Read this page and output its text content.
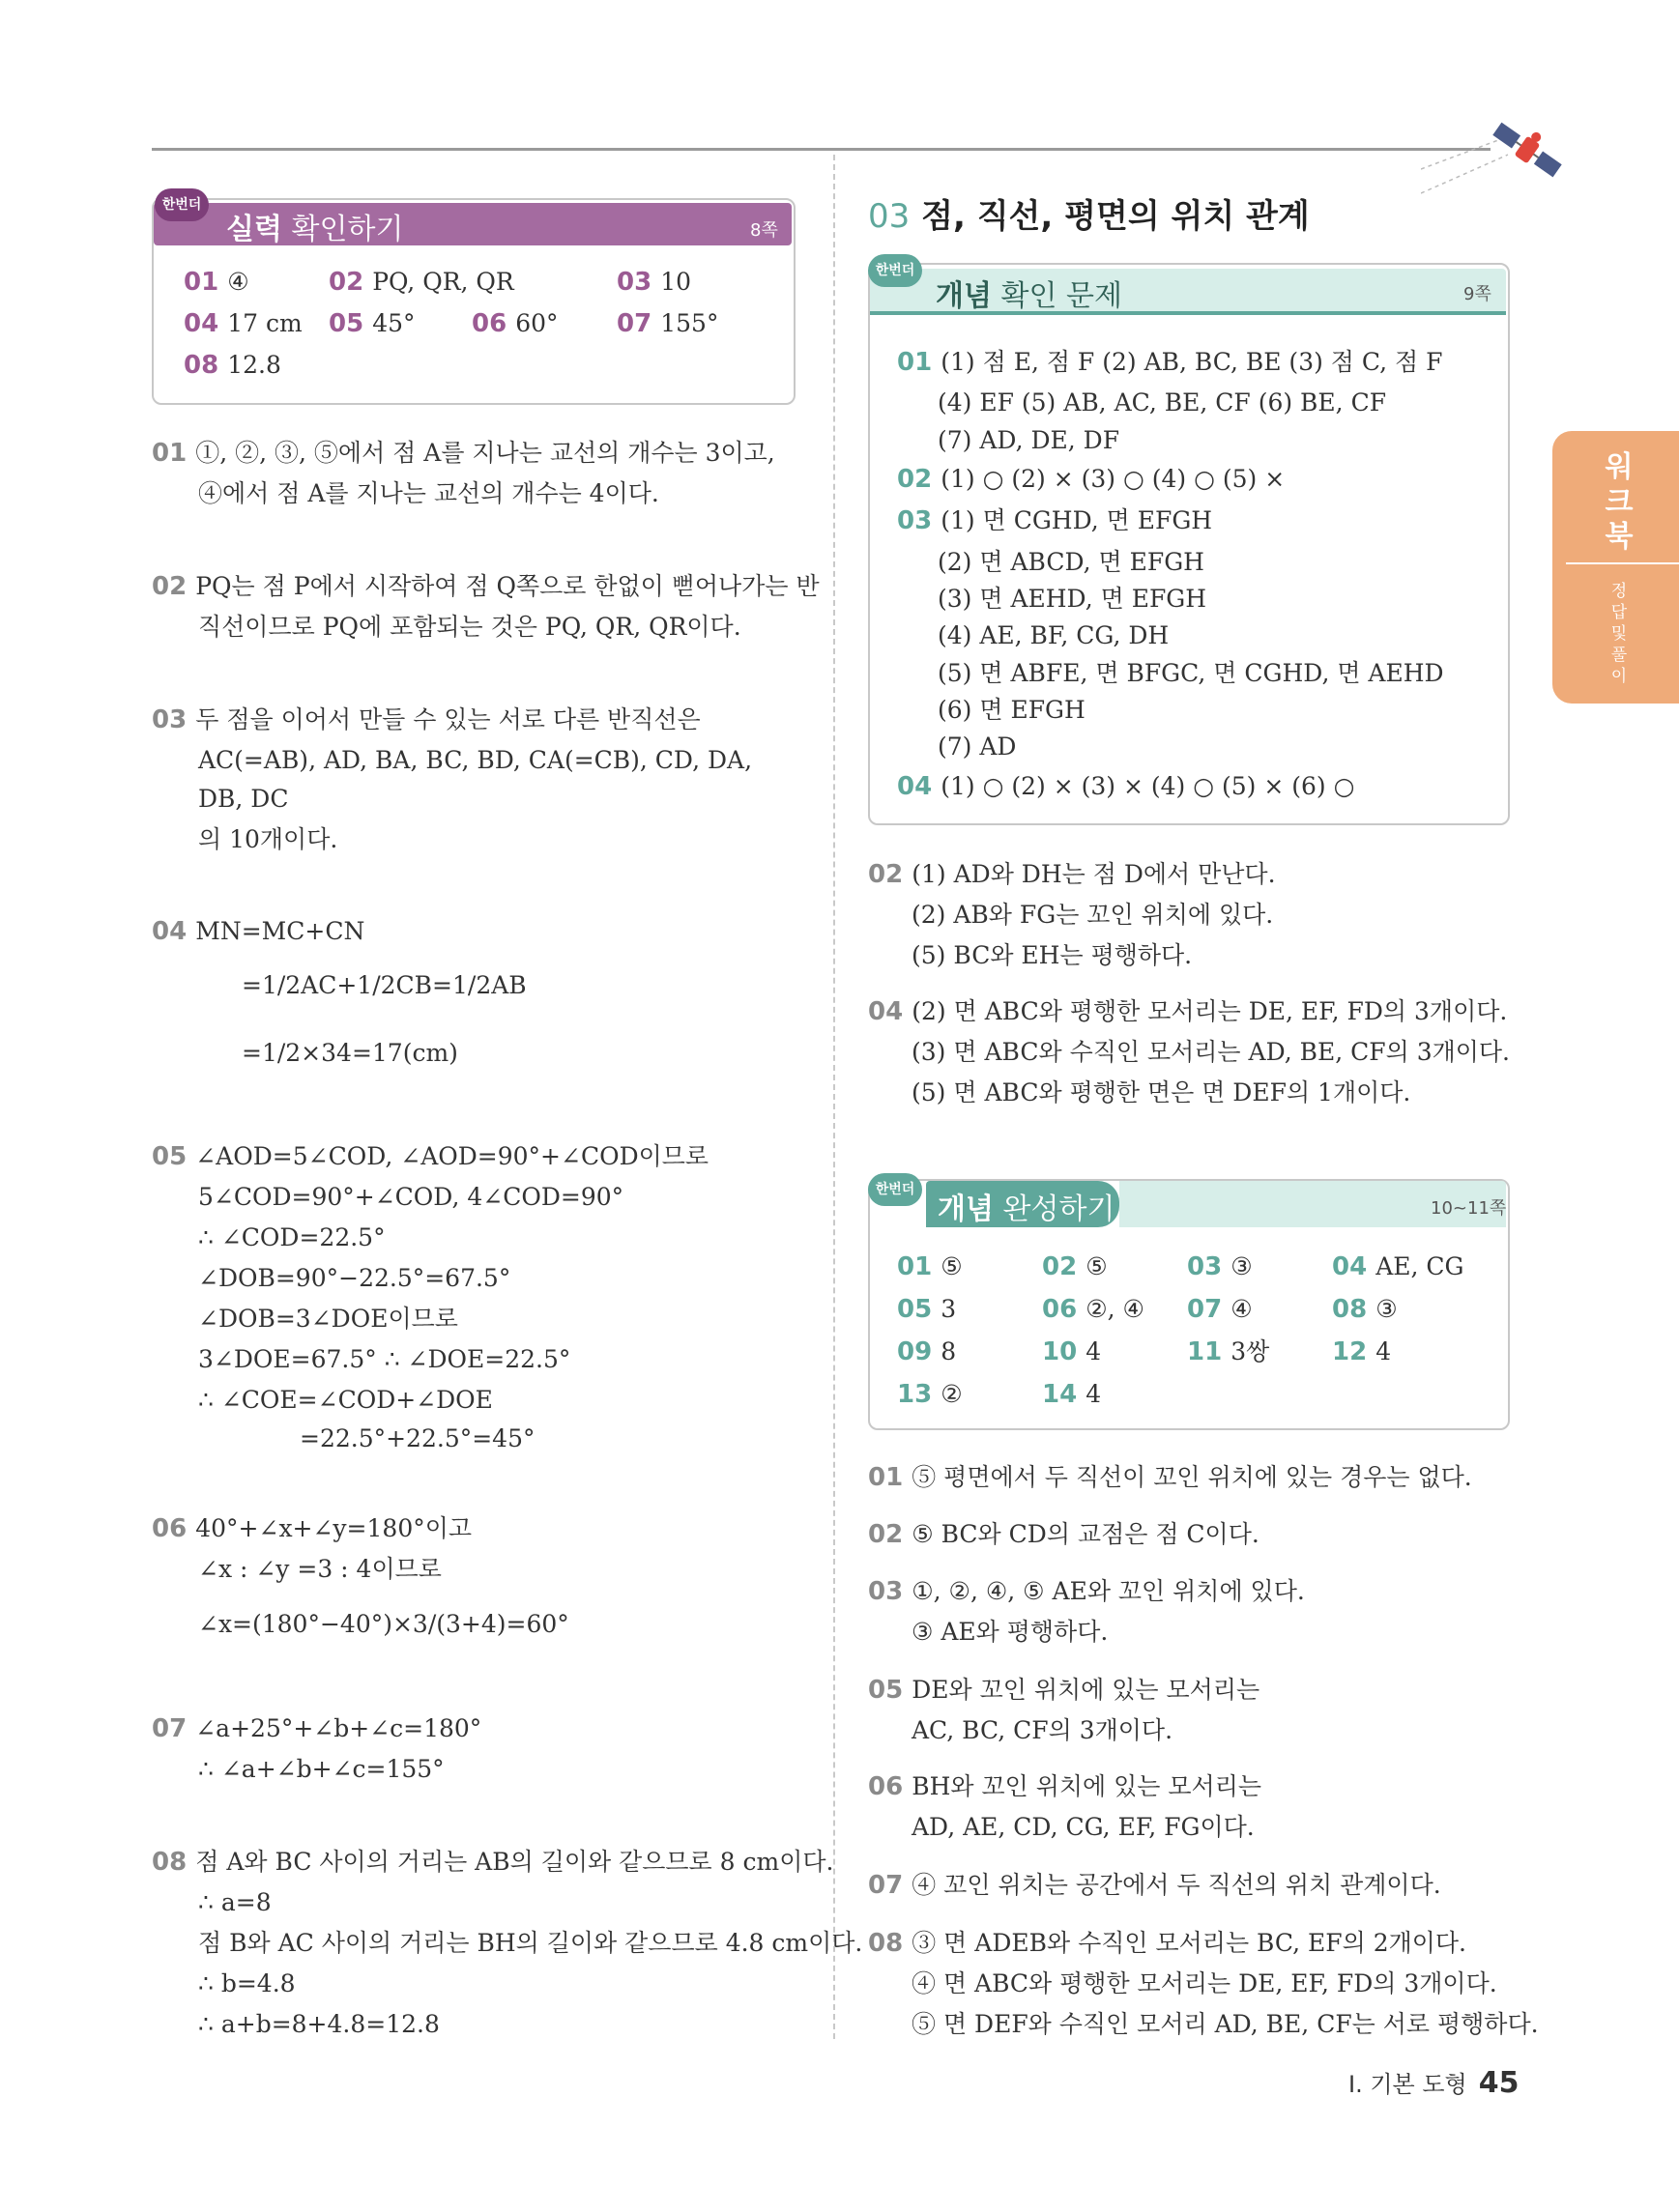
한번더
실력 확인하기	8쪽
01 ④	02 PQ, QR, QR	03 10
04 17 cm 05 45° 06 60° 07 155°
08 12.8
01 ①, ②, ③, ⑤에서 점 A를 지나는 교선의 개수는 3이고,
④에서 점 A를 지나는 교선의 개수는 4이다.
02 PQ는 점 P에서 시작하여 점 Q쪽으로 한없이 뻗어나가는 반
직선이므로 PQ에 포함되는 것은 PQ, QR, QR이다.
03 두 점을 이어서 만들 수 있는 서로 다른 반직선은
AC(=AB), AD, BA, BC, BD, CA(=CB), CD, DA,
DB, DC
의 10개이다.
04 MN=MC+CN
=1/2AC+1/2CB=1/2AB
=1/2×34=17(cm)
05 ∠AOD=5∠COD, ∠AOD=90°+∠COD이므로
5∠COD=90°+∠COD, 4∠COD=90°
∴ ∠COD=22.5°
∠DOB=90°−22.5°=67.5°
∠DOB=3∠DOE이므로
3∠DOE=67.5° ∴ ∠DOE=22.5°
∴ ∠COE=∠COD+∠DOE
=22.5°+22.5°=45°
06 40°+∠x+∠y=180°이고
∠x : ∠y =3 : 4이므로
∠x=(180°−40°)×3/(3+4)=60°
07 ∠a+25°+∠b+∠c=180°
∴ ∠a+∠b+∠c=155°
08 점 A와 BC 사이의 거리는 AB의 길이와 같으므로 8 cm이다.
∴ a=8
점 B와 AC 사이의 거리는 BH의 길이와 같으므로 4.8 cm이다.
∴ b=4.8
∴ a+b=8+4.8=12.8
03 점, 직선, 평면의 위치 관계
한번더
개념 확인 문제	9쪽
01 (1) 점 E, 점 F (2) AB, BC, BE (3) 점 C, 점 F
(4) EF (5) AB, AC, BE, CF (6) BE, CF
(7) AD, DE, DF
02 (1) ○ (2) × (3) ○ (4) ○ (5) ×
03 (1) 면 CGHD, 면 EFGH
(2) 면 ABCD, 면 EFGH
(3) 면 AEHD, 면 EFGH
(4) AE, BF, CG, DH
(5) 면 ABFE, 면 BFGC, 면 CGHD, 면 AEHD
(6) 면 EFGH
(7) AD
04 (1) ○ (2) × (3) × (4) ○ (5) × (6) ○
02 (1) AD와 DH는 점 D에서 만난다.
(2) AB와 FG는 꼬인 위치에 있다.
(5) BC와 EH는 평행하다.
04 (2) 면 ABC와 평행한 모서리는 DE, EF, FD의 3개이다.
(3) 면 ABC와 수직인 모서리는 AD, BE, CF의 3개이다.
(5) 면 ABC와 평행한 면은 면 DEF의 1개이다.
한번더
개념 완성하기	10~11쪽
01 ⑤	02 ⑤	03 ③	04 AE, CG
05 3	06 ②, ④ 07 ④	08 ③
09 8	10 4	11 3쌍 12 4
13 ②	14 4
01 ⑤ 평면에서 두 직선이 꼬인 위치에 있는 경우는 없다.
02 ⑤ BC와 CD의 교점은 점 C이다.
03 ①, ②, ④, ⑤ AE와 꼬인 위치에 있다.
③ AE와 평행하다.
05 DE와 꼬인 위치에 있는 모서리는
AC, BC, CF의 3개이다.
06 BH와 꼬인 위치에 있는 모서리는
AD, AE, CD, CG, EF, FG이다.
07 ④ 꼬인 위치는 공간에서 두 직선의 위치 관계이다.
08 ③ 면 ADEB와 수직인 모서리는 BC, EF의 2개이다.
④ 면 ABC와 평행한 모서리는 DE, EF, FD의 3개이다.
⑤ 면 DEF와 수직인 모서리 AD, BE, CF는 서로 평행하다.
워크북
정답 및 풀이
Ⅰ. 기본 도형 45
